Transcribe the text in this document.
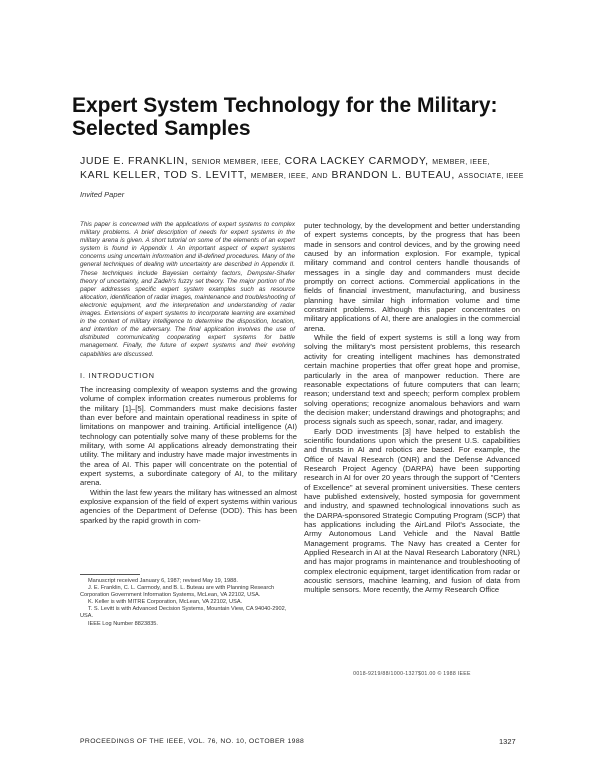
Expert System Technology for the Military: Selected Samples
JUDE E. FRANKLIN, SENIOR MEMBER, IEEE, CORA LACKEY CARMODY, MEMBER, IEEE,
KARL KELLER, TOD S. LEVITT, MEMBER, IEEE, AND BRANDON L. BUTEAU, ASSOCIATE, IEEE
Invited Paper

This paper is concerned with the applications of expert systems to complex military problems. A brief description of needs for expert systems in the military arena is given. A short tutorial on some of the elements of an expert system is found in Appendix I. An important aspect of expert systems concerns using uncertain information and ill-defined procedures. Many of the general techniques of dealing with uncertainty are described in Appendix II. These techniques include Bayesian certainty factors, Dempster-Shafer theory of uncertainty, and Zadeh's fuzzy set theory. The major portion of the paper addresses specific expert system examples such as resource allocation, identification of radar images, maintenance and troubleshooting of electronic equipment, and the interpretation and understanding of radar images. Extensions of expert systems to incorporate learning are examined in the context of military intelligence to determine the disposition, location, and intention of the adversary. The final application involves the use of distributed communicating cooperating expert systems for battle management. Finally, the future of expert systems and their evolving capabilities are discussed.

I. INTRODUCTION

The increasing complexity of weapon systems and the growing volume of complex information creates numerous problems for the military [1]–[5]. Commanders must make decisions faster than ever before and maintain operational readiness in spite of limitations on manpower and training. Artificial intelligence (AI) technology can potentially solve many of these problems for the military, with some AI applications already demonstrating their utility. The military and industry have made major investments in the area of AI. This paper will concentrate on the potential of expert systems, a subordinate category of AI, to the military arena.

Within the last few years the military has witnessed an almost explosive expansion of the field of expert systems within various agencies of the Department of Defense (DOD). This has been sparked by the rapid growth in com-

Manuscript received January 6, 1987; revised May 19, 1988.

J. E. Franklin, C. L. Carmody, and B. L. Buteau are with Planning Research Corporation Government Information Systems, McLean, VA 22102, USA.

K. Keller is with MITRE Corporation, McLean, VA 22102, USA.

T. S. Levitt is with Advanced Decision Systems, Mountain View, CA 94040-2902, USA.

IEEE Log Number 8823835.

puter technology, by the development and better understanding of expert systems concepts, by the progress that has been made in sensors and control devices, and by the growing need caused by an information explosion. For example, typical military command and control centers handle thousands of messages in a single day and commanders must decide promptly on correct actions. Commercial applications in the fields of financial investment, manufacturing, and business planning have similar high information volume and time constraint problems. Although this paper concentrates on military applications of AI, there are analogies in the commercial arena.

While the field of expert systems is still a long way from solving the military's most persistent problems, this research activity for creating intelligent machines has demonstrated certain machine properties that offer great hope and promise, particularly in the area of manpower reduction. There are reasonable expectations of future computers that can learn; reason; understand text and speech; perform complex problem solving operations; recognize anomalous behaviors and warn the decision maker; understand drawings and photographs; and process signals such as speech, sonar, radar, and imagery.

Early DOD investments [3] have helped to establish the scientific foundations upon which the present U.S. capabilities and thrusts in AI and robotics are based. For example, the Office of Naval Research (ONR) and the Defense Advanced Research Project Agency (DARPA) have been supporting research in AI for over 20 years through the support of "Centers of Excellence" at several prominent universities. These centers have published extensively, hosted symposia for government and industry, and spawned technological innovations such as the DARPA-sponsored Strategic Computing Program (SCP) that has applications including the AirLand Pilot's Associate, the Army Autonomous Land Vehicle and the Naval Battle Management programs. The Navy has created a Center for Applied Research in AI at the Naval Research Laboratory (NRL) and has major programs in maintenance and troubleshooting of complex electronic equipment, target identification from radar or acoustic sensors, machine learning, and fusion of data from multiple sensors. More recently, the Army Research Office

0018-9219/88/1000-1327$01.00 © 1988 IEEE
PROCEEDINGS OF THE IEEE, VOL. 76, NO. 10, OCTOBER 1988	1327
